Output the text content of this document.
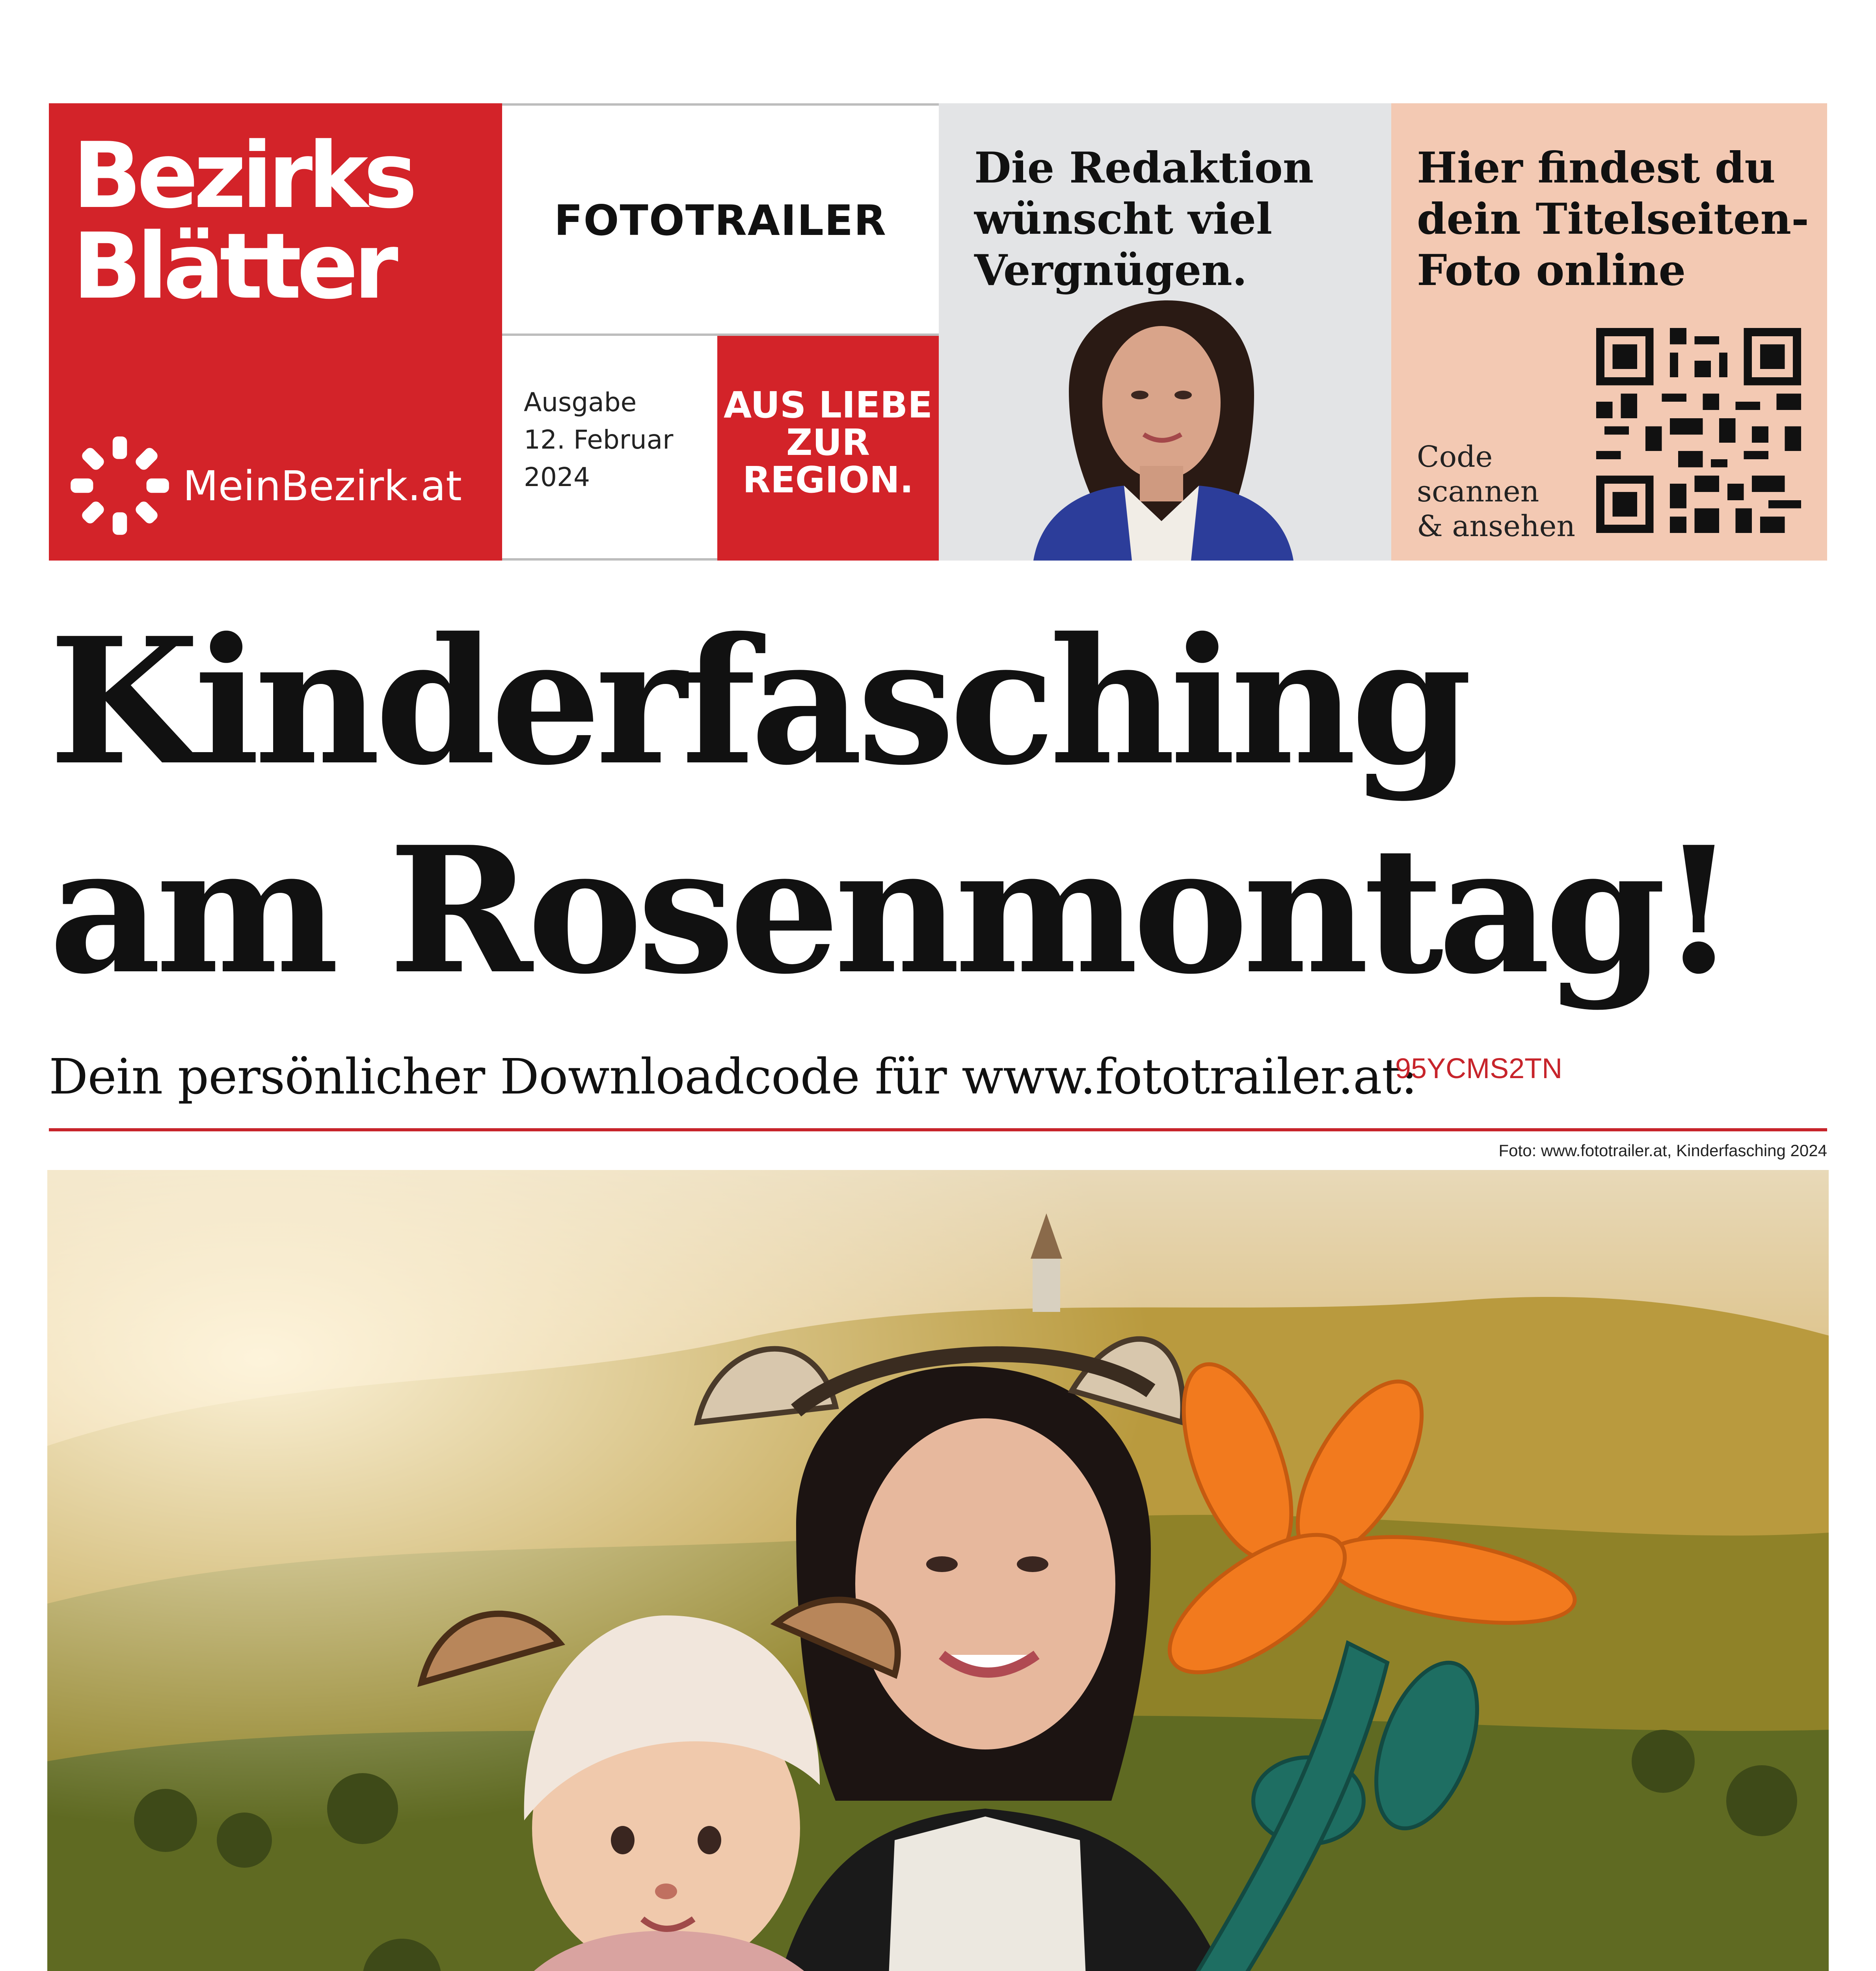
Bezirks
Blätter
MeinBezirk.at
FOTOTRAILER
Ausgabe
12. Februar
2024
AUS LIEBE
ZUR
REGION.
Die Redaktion
wünscht viel
Vergnügen.
Hier findest du
dein Titelseiten-
Foto online
Code
scannen
& ansehen
Kinderfasching
am Rosenmontag!
Dein persönlicher Downloadcode für www.fototrailer.at:
95YCMS2TN
Foto: www.fototrailer.at, Kinderfasching 2024
